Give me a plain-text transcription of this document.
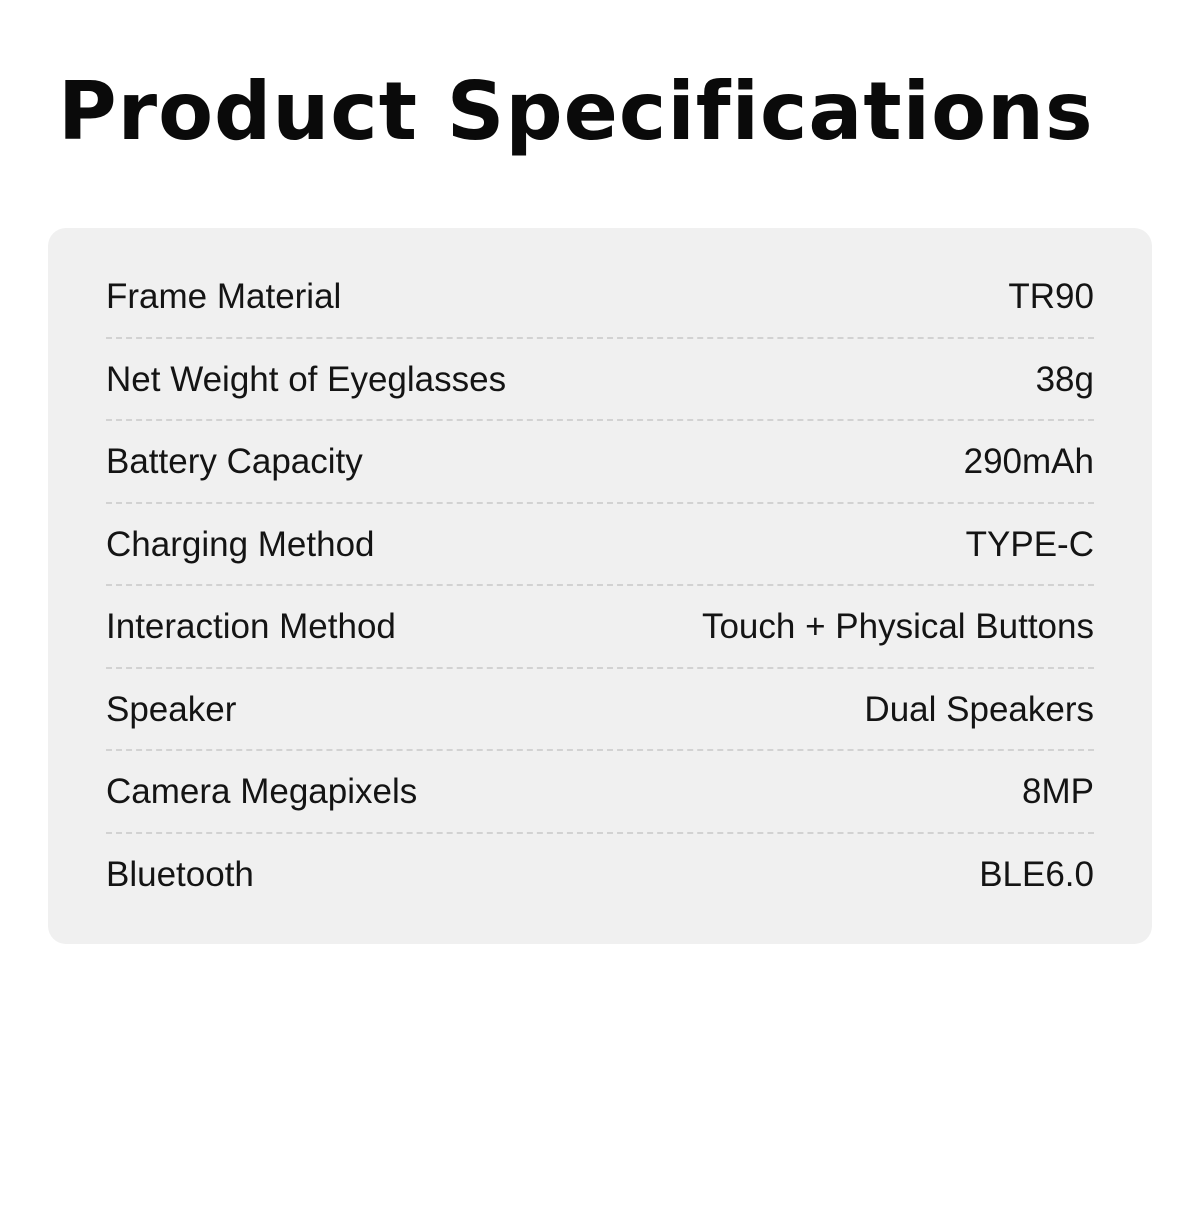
Product Specifications
Frame Material	TR90
Net Weight of Eyeglasses	38g
Battery Capacity	290mAh
Charging Method	TYPE-C
Interaction Method	Touch + Physical Buttons
Speaker	Dual Speakers
Camera Megapixels	8MP
Bluetooth	BLE6.0
